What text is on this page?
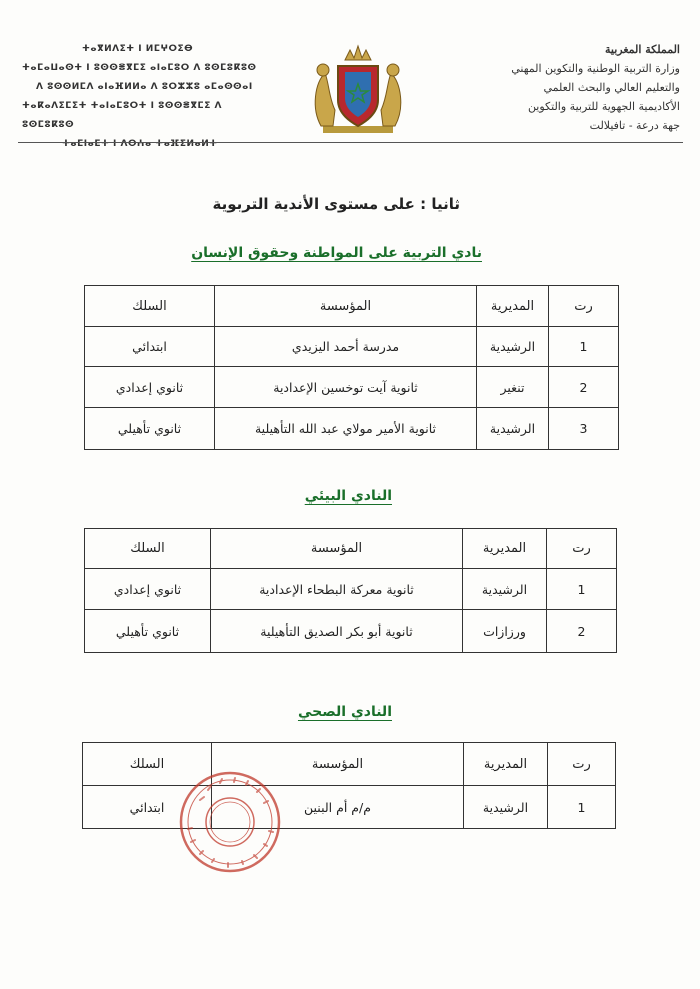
المملكة المغربية
وزارة التربية الوطنية والتكوين المهني
والتعليم العالي والبحث العلمي
الأكاديمية الجهوية للتربية والتكوين
جهة درعة - تافيلالت
ⵜⴰⴳⵍⴷⵉⵜ ⵏ ⵍⵎⵖⵔⵉⴱ
ⵜⴰⵎⴰⵡⴰⵙⵜ ⵏ ⵓⵙⵙⴻⴳⵎⵉ ⴰⵏⴰⵎⵓⵔ ⴷ ⵓⵙⵎⵓⴽⵓⵙ
ⴷ ⵓⵙⵙⵍⵎⴷ ⴰⵏⴰⴼⵍⵍⴰ ⴷ ⵓⵔⵣⵣⵓ ⴰⵎⴰⵙⵙⴰⵏ
ⵜⴰⴽⴰⴷⵉⵎⵉⵜ ⵜⴰⵏⴰⵎⵓⵔⵜ ⵏ ⵓⵙⵙⴻⴳⵎⵉ ⴷ ⵓⵙⵎⵓⴽⵓⵙ
ⵜⴰⵎⵏⴰⴹⵜ ⵏ ⴷⵔⵄⴰ ⵜⴰⴼⵉⵍⴰⵍⵜ
ثانيا : على مستوى الأندية التربوية
نادي التربية على المواطنة وحقوق الإنسان
رت	المديرية	المؤسسة	السلك
1	الرشيدية	مدرسة أحمد اليزيدي	ابتدائي
2	تنغير	ثانوية آيت توخسين الإعدادية	ثانوي إعدادي
3	الرشيدية	ثانوية الأمير مولاي عبد الله التأهيلية	ثانوي تأهيلي
النادي البيئي
رت	المديرية	المؤسسة	السلك
1	الرشيدية	ثانوية معركة البطحاء الإعدادية	ثانوي إعدادي
2	ورزازات	ثانوية أبو بكر الصديق التأهيلية	ثانوي تأهيلي
النادي الصحي
رت	المديرية	المؤسسة	السلك
1	الرشيدية	م/م أم البنين	ابتدائي
